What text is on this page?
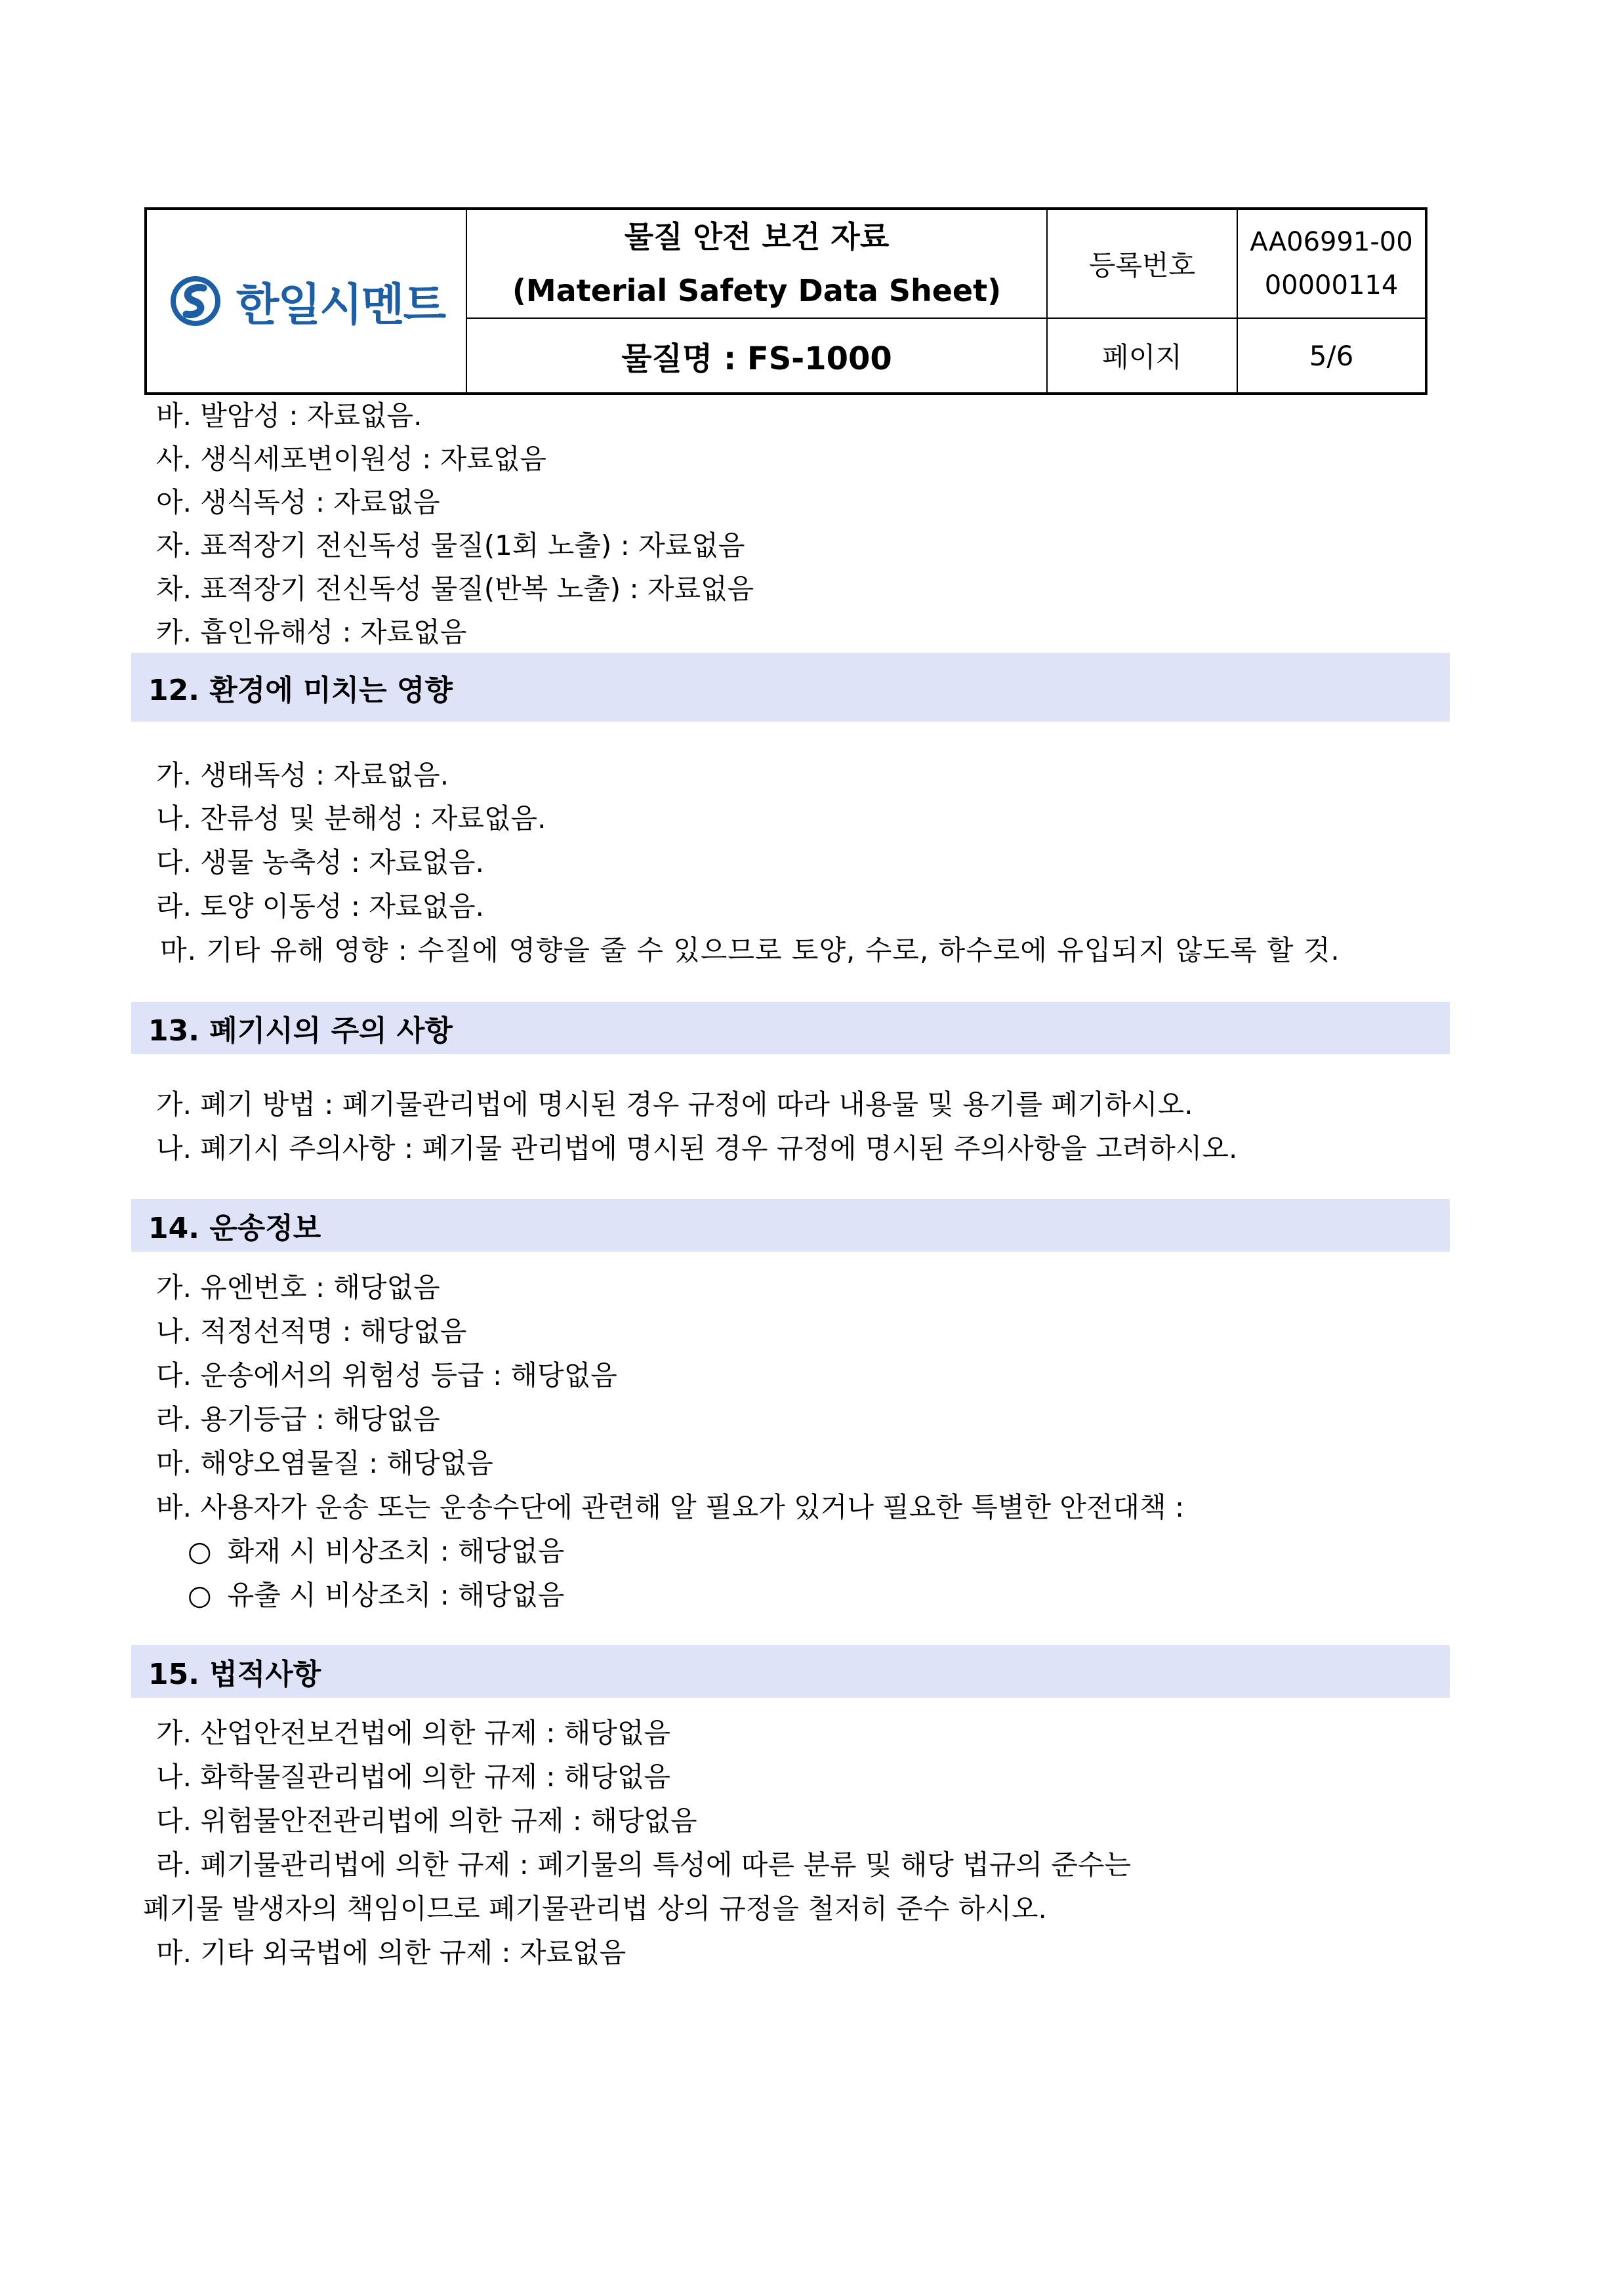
한일시멘트
물질 안전 보건 자료
(Material Safety Data Sheet)
등록번호
AA06991-00
00000114
물질명 : FS-1000	페이지	5/6
바. 발암성 : 자료없음.
사. 생식세포변이원성 : 자료없음
아. 생식독성 : 자료없음
자. 표적장기 전신독성 물질(1회 노출) : 자료없음
차. 표적장기 전신독성 물질(반복 노출) : 자료없음
카. 흡인유해성 : 자료없음
12. 환경에 미치는 영향
가. 생태독성 : 자료없음.
나. 잔류성 및 분해성 : 자료없음.
다. 생물 농축성 : 자료없음.
라. 토양 이동성 : 자료없음.
마. 기타 유해 영향 : 수질에 영향을 줄 수 있으므로 토양, 수로, 하수로에 유입되지 않도록 할 것.
13. 폐기시의 주의 사항
가. 폐기 방법 : 폐기물관리법에 명시된 경우 규정에 따라 내용물 및 용기를 폐기하시오.
나. 폐기시 주의사항 : 폐기물 관리법에 명시된 경우 규정에 명시된 주의사항을 고려하시오.
14. 운송정보
가. 유엔번호 : 해당없음
나. 적정선적명 : 해당없음
다. 운송에서의 위험성 등급 : 해당없음
라. 용기등급 : 해당없음
마. 해양오염물질 : 해당없음
바. 사용자가 운송 또는 운송수단에 관련해 알 필요가 있거나 필요한 특별한 안전대책 :
○ 화재 시 비상조치 : 해당없음
○ 유출 시 비상조치 : 해당없음
15. 법적사항
가. 산업안전보건법에 의한 규제 : 해당없음
나. 화학물질관리법에 의한 규제 : 해당없음
다. 위험물안전관리법에 의한 규제 : 해당없음
라. 폐기물관리법에 의한 규제 : 폐기물의 특성에 따른 분류 및 해당 법규의 준수는
폐기물 발생자의 책임이므로 폐기물관리법 상의 규정을 철저히 준수 하시오.
마. 기타 외국법에 의한 규제 : 자료없음
